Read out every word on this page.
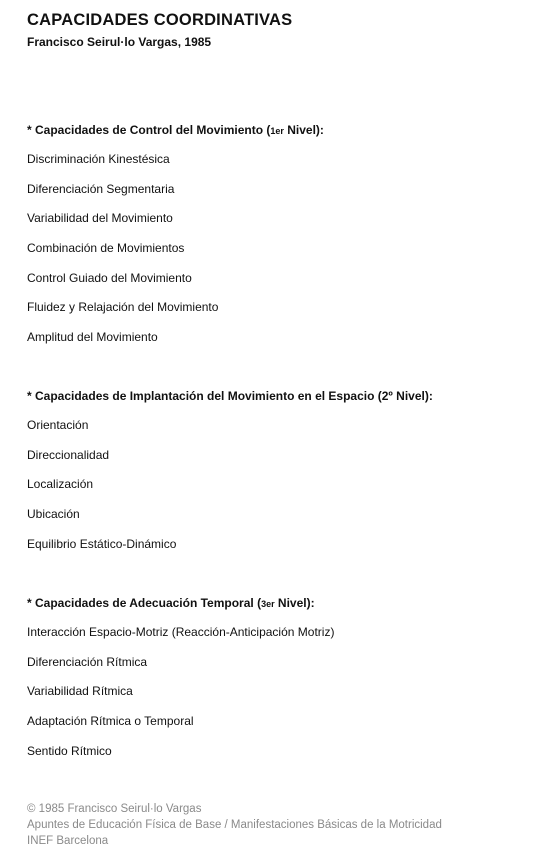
CAPACIDADES COORDINATIVAS
Francisco Seirul·lo Vargas, 1985
* Capacidades de Control del Movimiento (1er Nivel):
Discriminación Kinestésica
Diferenciación Segmentaria
Variabilidad del Movimiento
Combinación de Movimientos
Control Guiado del Movimiento
Fluidez y Relajación del Movimiento
Amplitud del Movimiento
* Capacidades de Implantación del Movimiento en el Espacio (2º Nivel):
Orientación
Direccionalidad
Localización
Ubicación
Equilibrio Estático-Dinámico
* Capacidades de Adecuación Temporal (3er Nivel):
Interacción Espacio-Motriz (Reacción-Anticipación Motriz)
Diferenciación Rítmica
Variabilidad Rítmica
Adaptación Rítmica o Temporal
Sentido Rítmico
© 1985 Francisco Seirul·lo Vargas
Apuntes de Educación Física de Base / Manifestaciones Básicas de la Motricidad
INEF Barcelona
